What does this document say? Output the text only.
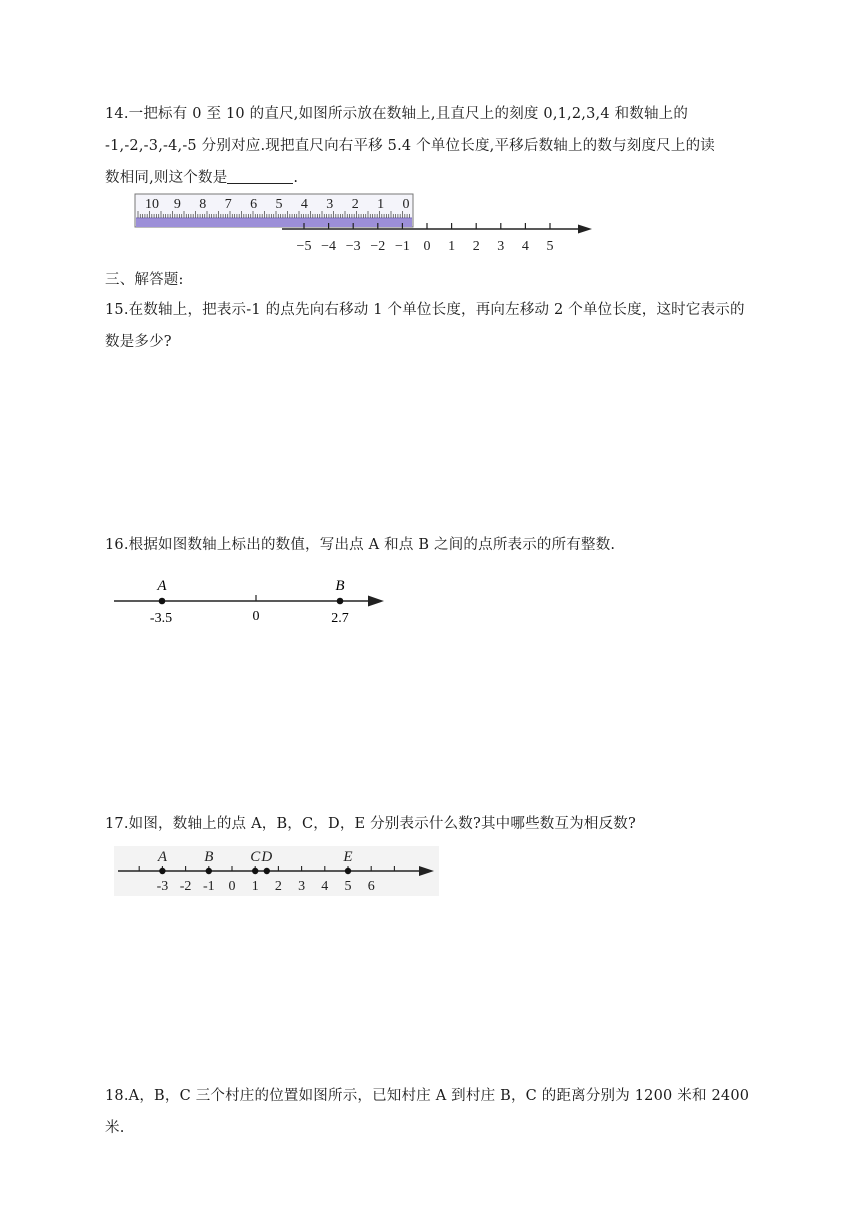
14.一把标有 0 至 10 的直尺,如图所示放在数轴上,且直尺上的刻度 0,1,2,3,4 和数轴上的
-1,-2,-3,-4,-5 分别对应.现把直尺向右平移 5.4 个单位长度,平移后数轴上的数与刻度尺上的读
数相同,则这个数是	.
10 9 8 7 6 5 4 3 2 1 0
−5 −4 −3 −2 −1 0 1 2 3 4 5
三、解答题:
15.在数轴上，把表示-1 的点先向右移动 1 个单位长度，再向左移动 2 个单位长度，这时它表示的
数是多少?
16.根据如图数轴上标出的数值，写出点 A 和点 B 之间的点所表示的所有整数.
A	B
-3.5	0	2.7
17.如图，数轴上的点 A，B，C，D，E 分别表示什么数?其中哪些数互为相反数?
-3 -2 -1 0 1 2 3 4 5 6
A B C D	E
18.A，B，C 三个村庄的位置如图所示，已知村庄 A 到村庄 B，C 的距离分别为 1200 米和 2400 米.
